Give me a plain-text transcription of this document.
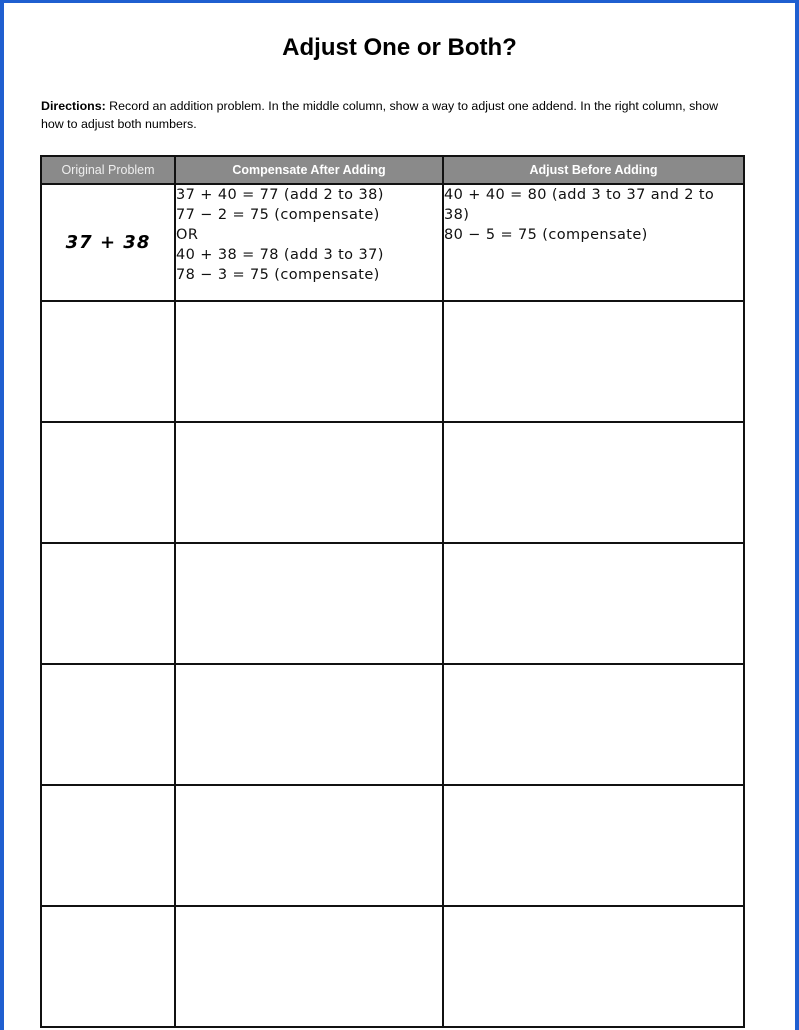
Adjust One or Both?
Directions: Record an addition problem. In the middle column, show a way to adjust one addend. In the right column, show how to adjust both numbers.
Original Problem	Compensate After Adding	Adjust Before Adding
37 + 38	37 + 40 = 77 (add 2 to 38)
77 − 2 = 75 (compensate)
OR
40 + 38 = 78 (add 3 to 37)
78 − 3 = 75 (compensate)	40 + 40 = 80 (add 3 to 37 and 2 to 38)
80 − 5 = 75 (compensate)
